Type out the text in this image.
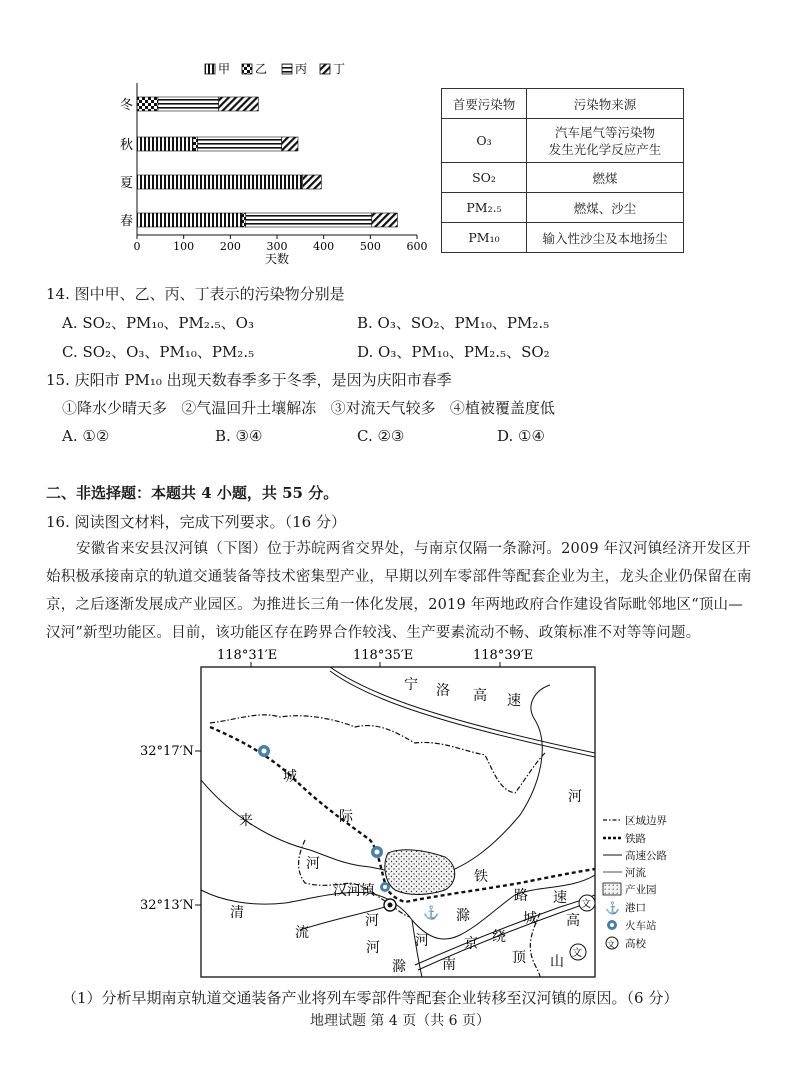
甲 乙 丙 丁
冬
秋
夏
春
0	100 200 300 400 500 600
天数
首要污染物	污染物来源
O₃	汽车尾气等污染物
发生光化学反应产生

SO₂	燃煤
PM₂.₅	燃煤、沙尘
PM₁₀	输入性沙尘及本地扬尘
14. 图中甲、乙、丙、丁表示的污染物分别是
A. SO₂、PM₁₀、PM₂.₅、O₃	B. O₃、SO₂、PM₁₀、PM₂.₅
C. SO₂、O₃、PM₁₀、PM₂.₅	D. O₃、PM₁₀、PM₂.₅、SO₂
15. 庆阳市 PM₁₀ 出现天数春季多于冬季，是因为庆阳市春季
①降水少晴天多   ②气温回升土壤解冻   ③对流天气较多   ④植被覆盖度低
A. ①②	B. ③④	C. ②③	D. ①④
二、非选择题：本题共 4 小题，共 55 分。
16. 阅读图文材料，完成下列要求。（16 分）
安徽省来安县汉河镇（下图）位于苏皖两省交界处，与南京仅隔一条滁河。2009 年汉河镇经济开发区开始积极承接南京的轨道交通装备等技术密集型产业，早期以列车零部件等配套企业为主，龙头企业仍保留在南京，之后逐渐发展成产业园区。为推进长三角一体化发展，2019 年两地政府合作建设省际毗邻地区“顶山—汉河”新型功能区。目前，该功能区存在跨界合作较浅、生产要素流动不畅、政策标准不对等等问题。
118°31′E	118°35′E	118°39′E
32°17′N
32°13′N
⚓
文
文
宁 洛 高 速
城
际
来
河
汉河镇
河
铁
路
城
河
清
流
河
滁
绕
顶
滁	南
京
高
速
山
河
区域边界
铁路
高速公路
河流
产业园
⚓ 港口
火车站
文 高校
（1）分析早期南京轨道交通装备产业将列车零部件等配套企业转移至汉河镇的原因。（6 分）
地理试题 第 4 页（共 6 页）
